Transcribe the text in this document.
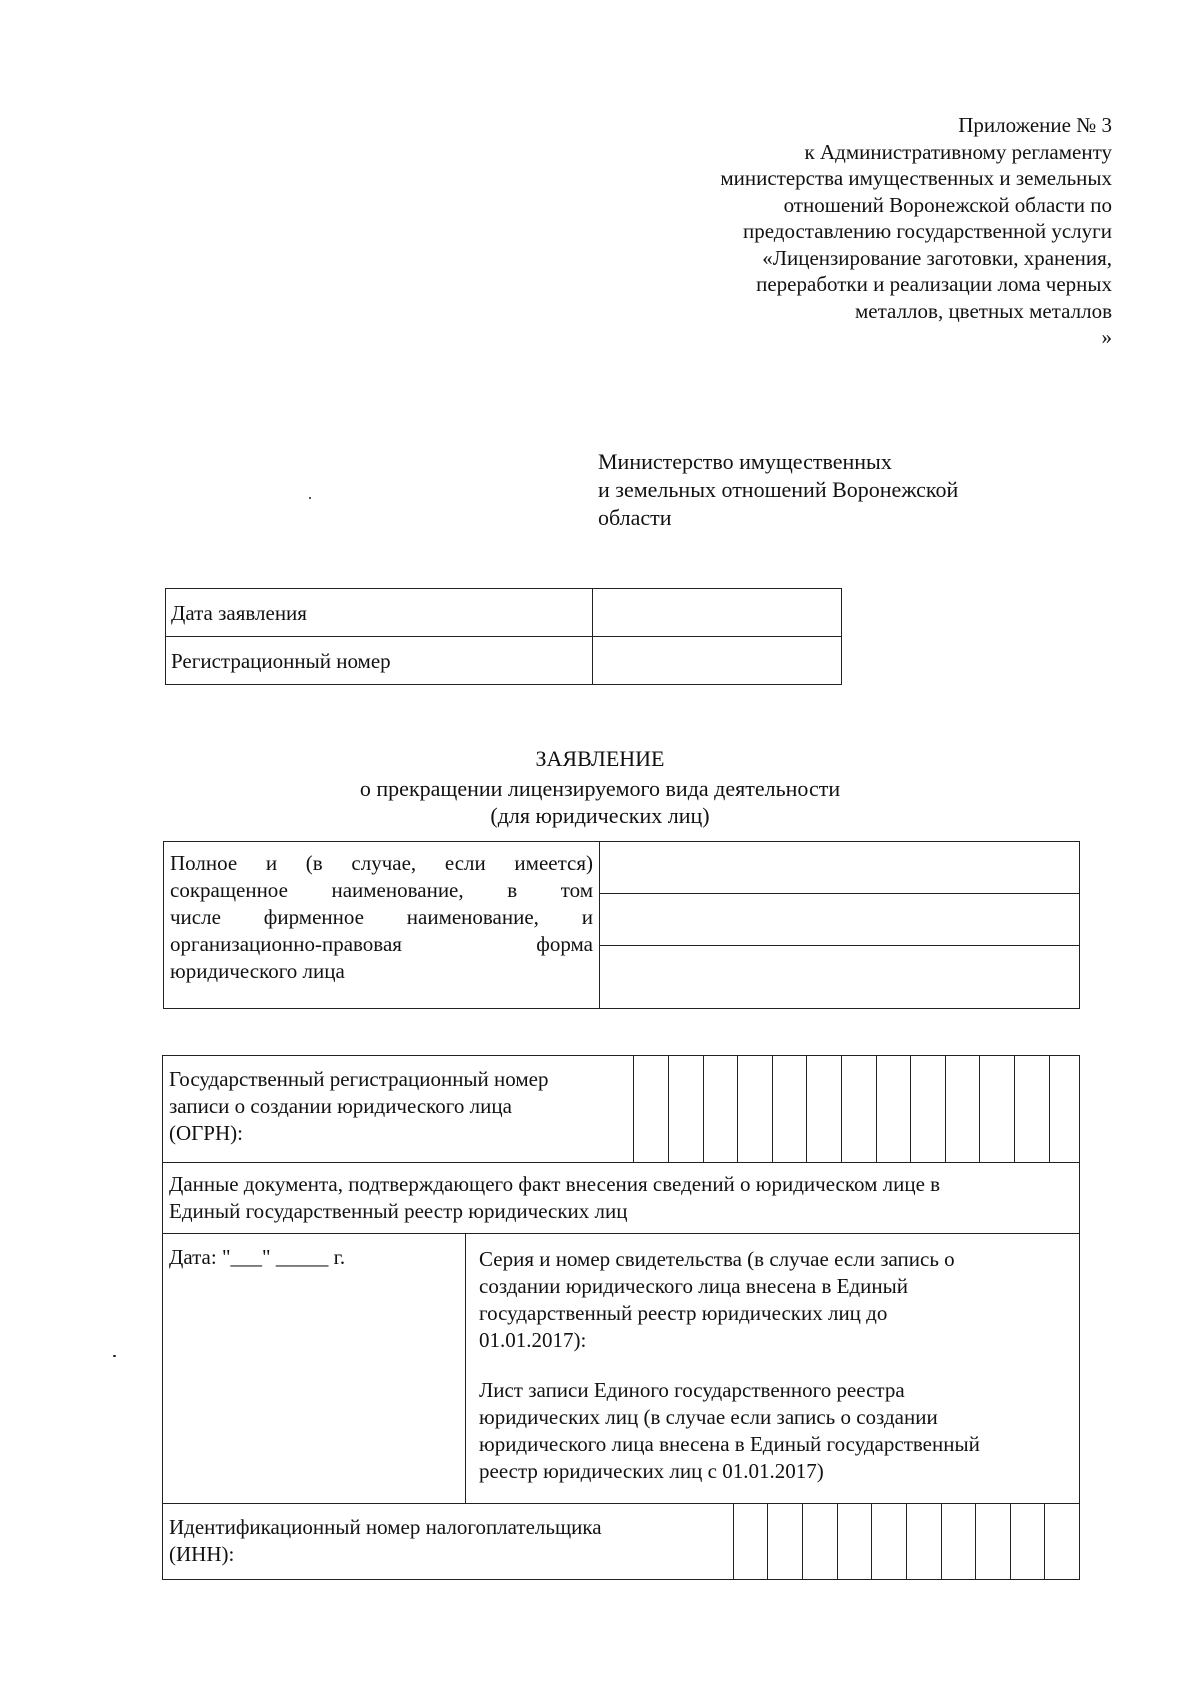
Приложение № 3
к Административному регламенту
министерства имущественных и земельных
отношений Воронежской области по
предоставлению государственной услуги
«Лицензирование заготовки, хранения,
переработки и реализации лома черных
металлов, цветных металлов
»
Министерство имущественных
и земельных отношений Воронежской
области
Дата заявления	
Регистрационный номер	
ЗАЯВЛЕНИЕ
о прекращении лицензируемого вида деятельности
(для юридических лиц)
Полное и (в случае, если имеется)
сокращенное наименование, в том
числе фирменное наименование, и
организационно-правовая форма
юридического лица

Государственный регистрационный номер
записи о создании юридического лица
(ОГРН):
Данные документа, подтверждающего факт внесения сведений о юридическом лице в
Единый государственный реестр юридических лиц
Дата: "___" _____ г.	Серия и номер свидетельства (в случае если запись о
создании юридического лица внесена в Единый
государственный реестр юридических лиц до
01.01.2017):
Лист записи Единого государственного реестра
юридических лиц (в случае если запись о создании
юридического лица внесена в Единый государственный
реестр юридических лиц с 01.01.2017)
Идентификационный номер налогоплательщика
(ИНН):
